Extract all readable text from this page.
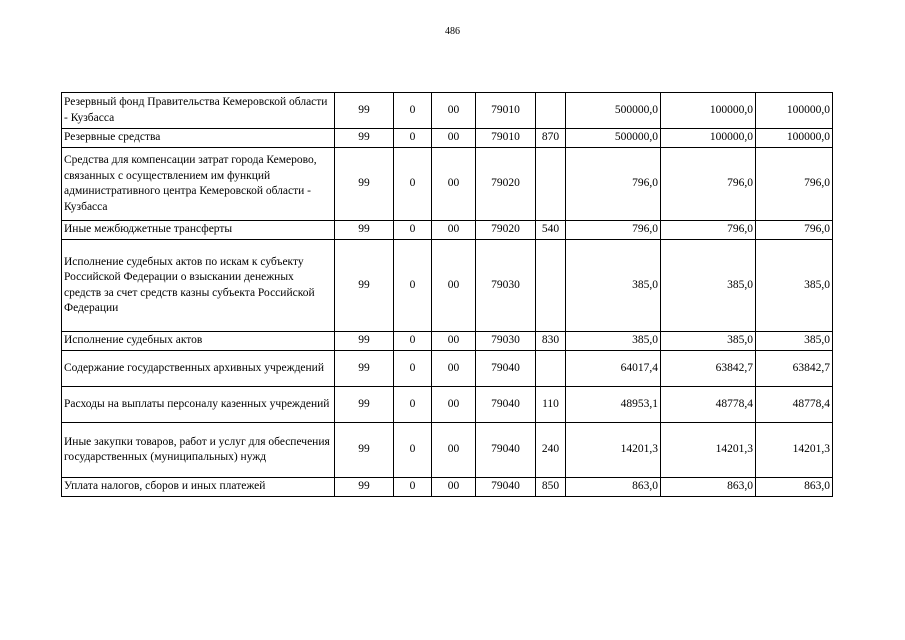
486
Резервный фонд Правительства Кемеровской области - Кузбасса	99	0	00	79010		500000,0	100000,0	100000,0
Резервные средства	99	0	00	79010	870	500000,0	100000,0	100000,0
Средства для компенсации затрат города Кемерово, связанных с осуществлением им функций административного центра Кемеровской области - Кузбасса	99	0	00	79020		796,0	796,0	796,0
Иные межбюджетные трансферты	99	0	00	79020	540	796,0	796,0	796,0
Исполнение судебных актов по искам к субъекту Российской Федерации о взыскании денежных средств за счет средств казны субъекта Российской Федерации	99	0	00	79030		385,0	385,0	385,0
Исполнение судебных актов	99	0	00	79030	830	385,0	385,0	385,0
Содержание государственных архивных учреждений	99	0	00	79040		64017,4	63842,7	63842,7
Расходы на выплаты персоналу казенных учреждений	99	0	00	79040	110	48953,1	48778,4	48778,4
Иные закупки товаров, работ и услуг для обеспечения государственных (муниципальных) нужд	99	0	00	79040	240	14201,3	14201,3	14201,3
Уплата налогов, сборов и иных платежей	99	0	00	79040	850	863,0	863,0	863,0
